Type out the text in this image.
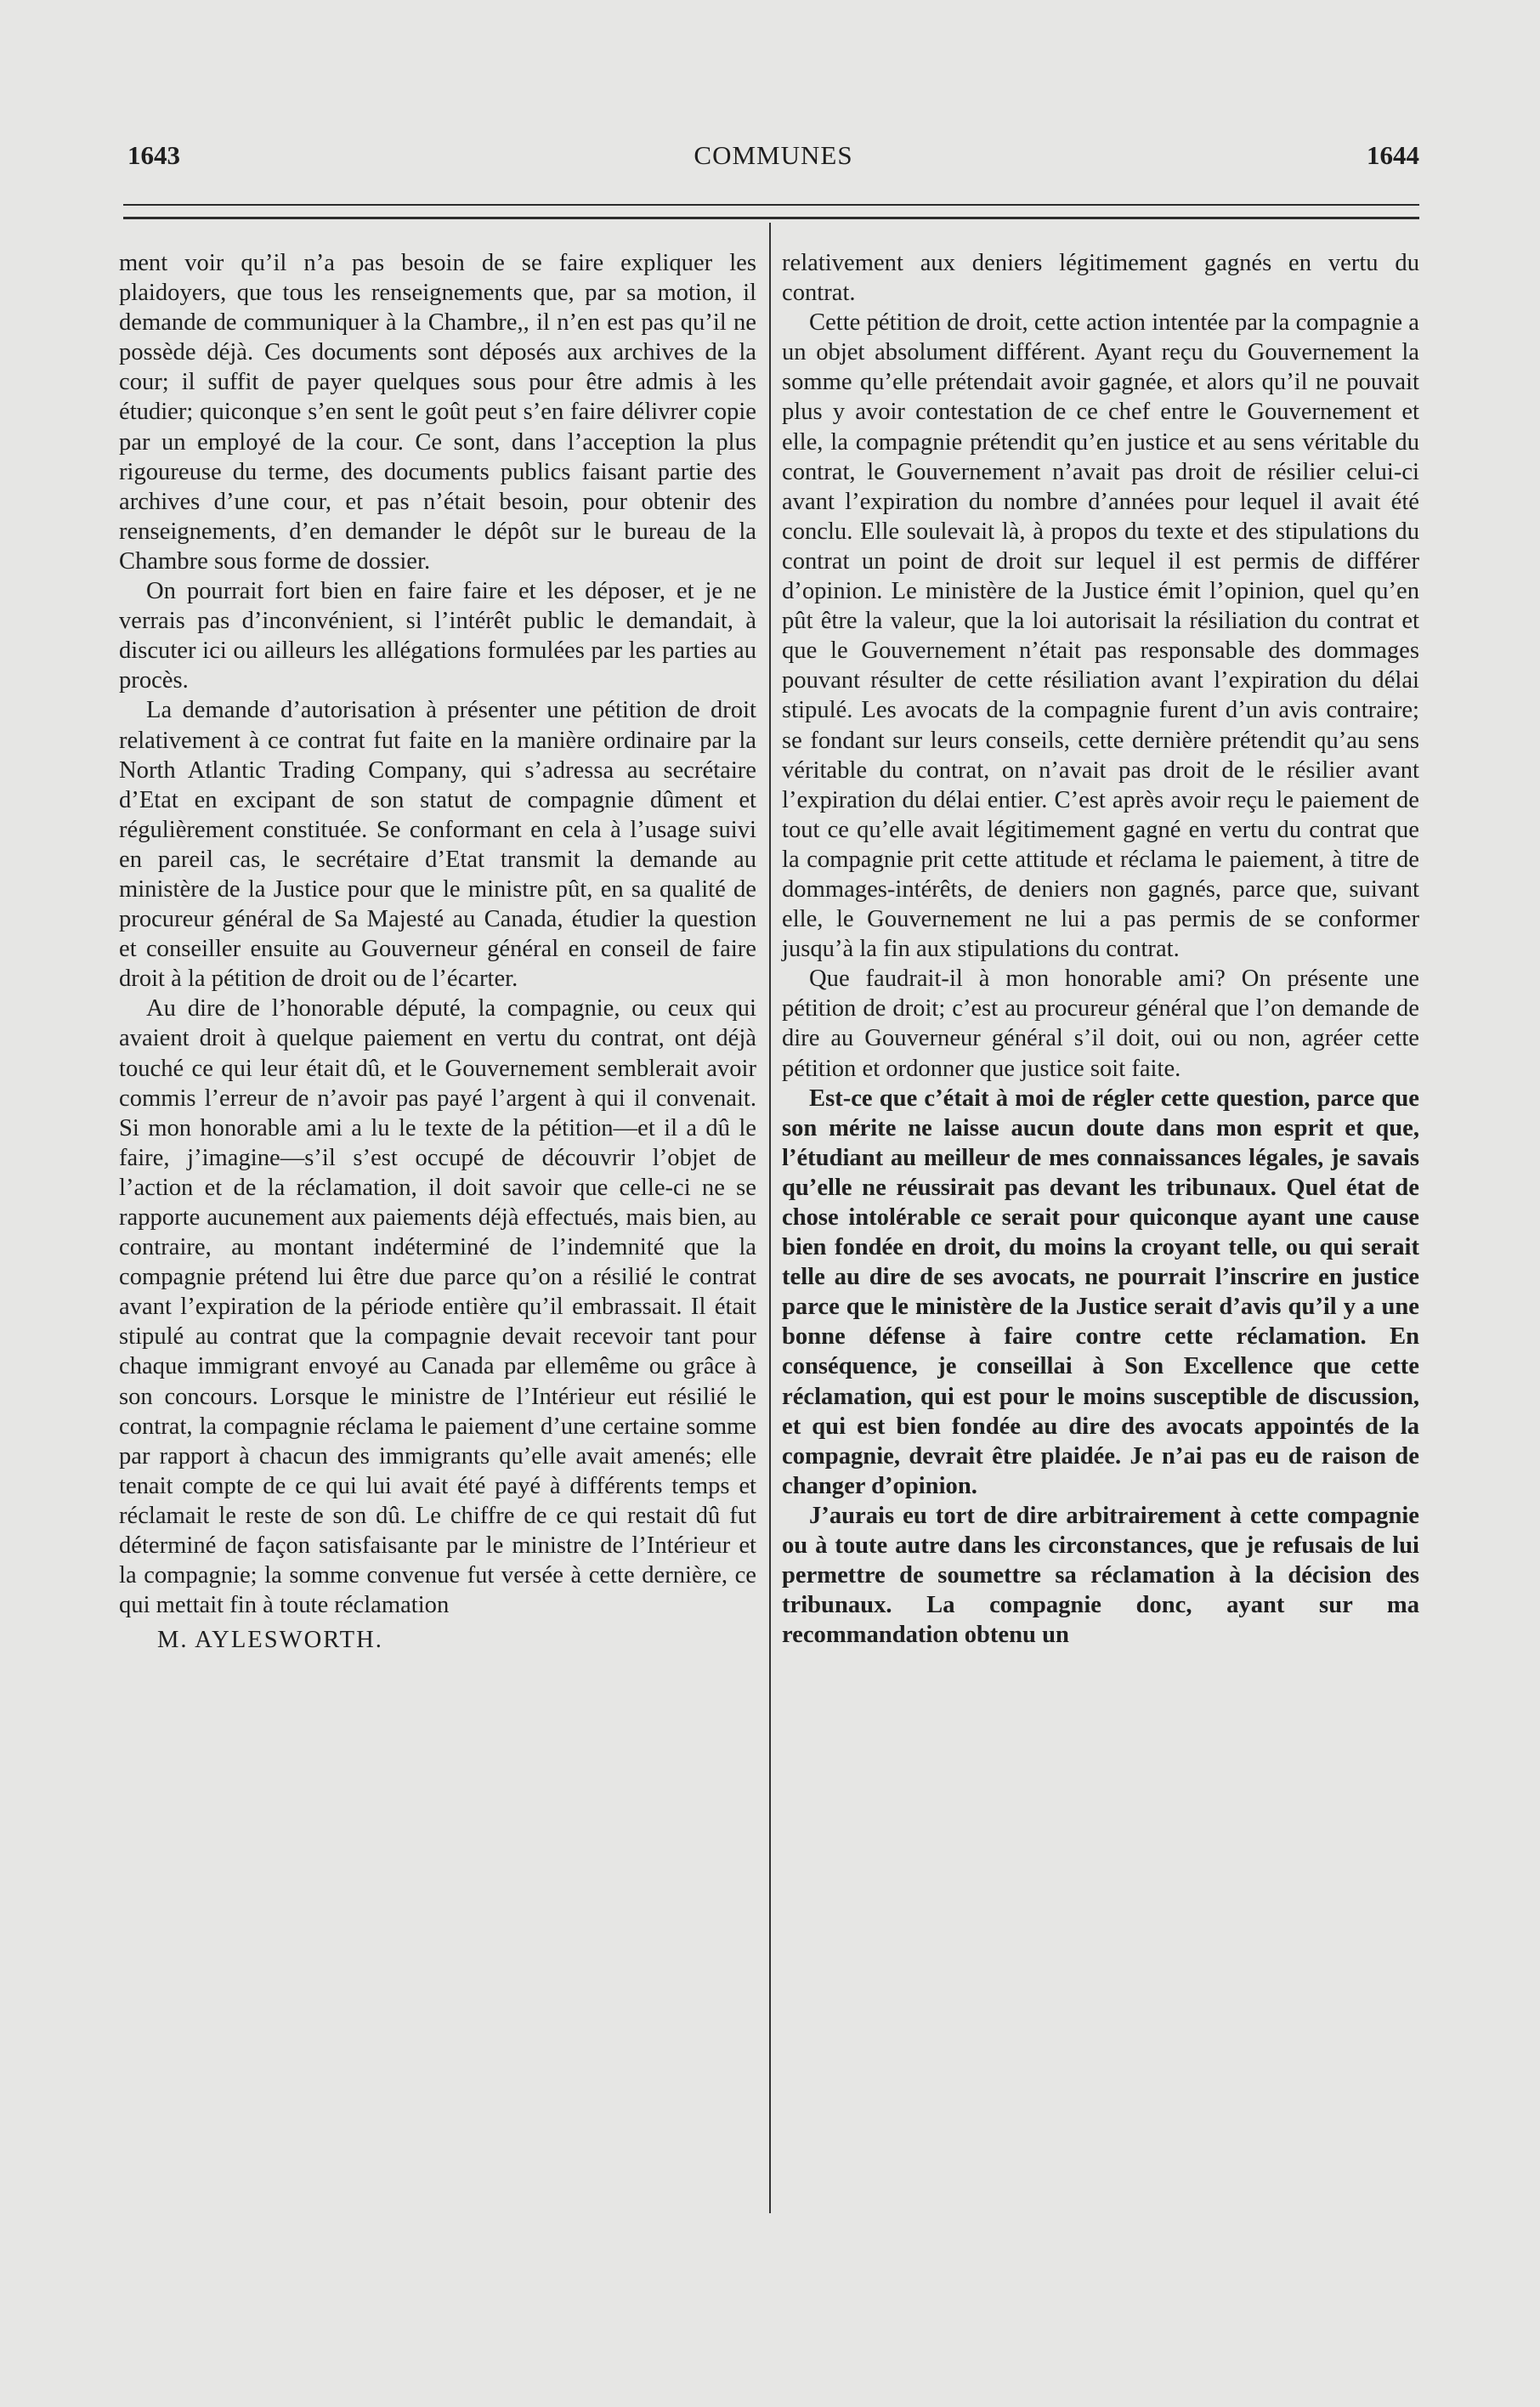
1643	COMMUNES	1644

ment voir qu’il n’a pas besoin de se faire expliquer les plaidoyers, que tous les renseignements que, par sa motion, il demande de communiquer à la Chambre,, il n’en est pas qu’il ne possède déjà. Ces documents sont déposés aux archives de la cour; il suffit de payer quelques sous pour être admis à les étudier; quiconque s’en sent le goût peut s’en faire délivrer copie par un employé de la cour. Ce sont, dans l’acception la plus rigoureuse du terme, des documents publics faisant partie des archives d’une cour, et pas n’était besoin, pour obtenir des renseignements, d’en demander le dépôt sur le bureau de la Chambre sous forme de dossier.

On pourrait fort bien en faire faire et les déposer, et je ne verrais pas d’inconvénient, si l’intérêt public le demandait, à discuter ici ou ailleurs les allégations formulées par les parties au procès.

La demande d’autorisation à présenter une pétition de droit relativement à ce contrat fut faite en la manière ordinaire par la North Atlantic Trading Company, qui s’adressa au secrétaire d’Etat en excipant de son statut de compagnie dûment et régulièrement constituée. Se conformant en cela à l’usage suivi en pareil cas, le secrétaire d’Etat transmit la demande au ministère de la Justice pour que le ministre pût, en sa qualité de procureur général de Sa Majesté au Canada, étudier la question et conseiller ensuite au Gouverneur général en conseil de faire droit à la pétition de droit ou de l’écarter.

Au dire de l’honorable député, la compagnie, ou ceux qui avaient droit à quelque paiement en vertu du contrat, ont déjà touché ce qui leur était dû, et le Gouvernement semblerait avoir commis l’erreur de n’avoir pas payé l’argent à qui il convenait. Si mon honorable ami a lu le texte de la pétition—et il a dû le faire, j’imagine—s’il s’est occupé de découvrir l’objet de l’action et de la réclamation, il doit savoir que celle-ci ne se rapporte aucunement aux paiements déjà effectués, mais bien, au contraire, au montant indéterminé de l’indemnité que la compagnie prétend lui être due parce qu’on a résilié le contrat avant l’expiration de la période entière qu’il embrassait. Il était stipulé au contrat que la compagnie devait recevoir tant pour chaque immigrant envoyé au Canada par ellemême ou grâce à son concours. Lorsque le ministre de l’Intérieur eut résilié le contrat, la compagnie réclama le paiement d’une certaine somme par rapport à chacun des immigrants qu’elle avait amenés; elle tenait compte de ce qui lui avait été payé à différents temps et réclamait le reste de son dû. Le chiffre de ce qui restait dû fut déterminé de façon satisfaisante par le ministre de l’Intérieur et la compagnie; la somme convenue fut versée à cette dernière, ce qui mettait fin à toute réclamation

M. AYLESWORTH.

relativement aux deniers légitimement gagnés en vertu du contrat.

Cette pétition de droit, cette action intentée par la compagnie a un objet absolument différent. Ayant reçu du Gouvernement la somme qu’elle prétendait avoir gagnée, et alors qu’il ne pouvait plus y avoir contestation de ce chef entre le Gouvernement et elle, la compagnie prétendit qu’en justice et au sens véritable du contrat, le Gouvernement n’avait pas droit de résilier celui-ci avant l’expiration du nombre d’années pour lequel il avait été conclu. Elle soulevait là, à propos du texte et des stipulations du contrat un point de droit sur lequel il est permis de différer d’opinion. Le ministère de la Justice émit l’opinion, quel qu’en pût être la valeur, que la loi autorisait la résiliation du contrat et que le Gouvernement n’était pas responsable des dommages pouvant résulter de cette résiliation avant l’expiration du délai stipulé. Les avocats de la compagnie furent d’un avis contraire; se fondant sur leurs conseils, cette dernière prétendit qu’au sens véritable du contrat, on n’avait pas droit de le résilier avant l’expiration du délai entier. C’est après avoir reçu le paiement de tout ce qu’elle avait légitimement gagné en vertu du contrat que la compagnie prit cette attitude et réclama le paiement, à titre de dommages-intérêts, de deniers non gagnés, parce que, suivant elle, le Gouvernement ne lui a pas permis de se conformer jusqu’à la fin aux stipulations du contrat.

Que faudrait-il à mon honorable ami? On présente une pétition de droit; c’est au procureur général que l’on demande de dire au Gouverneur général s’il doit, oui ou non, agréer cette pétition et ordonner que justice soit faite.

Est-ce que c’était à moi de régler cette question, parce que son mérite ne laisse aucun doute dans mon esprit et que, l’étudiant au meilleur de mes connaissances légales, je savais qu’elle ne réussirait pas devant les tribunaux. Quel état de chose intolérable ce serait pour quiconque ayant une cause bien fondée en droit, du moins la croyant telle, ou qui serait telle au dire de ses avocats, ne pourrait l’inscrire en justice parce que le ministère de la Justice serait d’avis qu’il y a une bonne défense à faire contre cette réclamation. En conséquence, je conseillai à Son Excellence que cette réclamation, qui est pour le moins susceptible de discussion, et qui est bien fondée au dire des avocats appointés de la compagnie, devrait être plaidée. Je n’ai pas eu de raison de changer d’opinion.

J’aurais eu tort de dire arbitrairement à cette compagnie ou à toute autre dans les circonstances, que je refusais de lui permettre de soumettre sa réclamation à la décision des tribunaux. La compagnie donc, ayant sur ma recommandation obtenu un
